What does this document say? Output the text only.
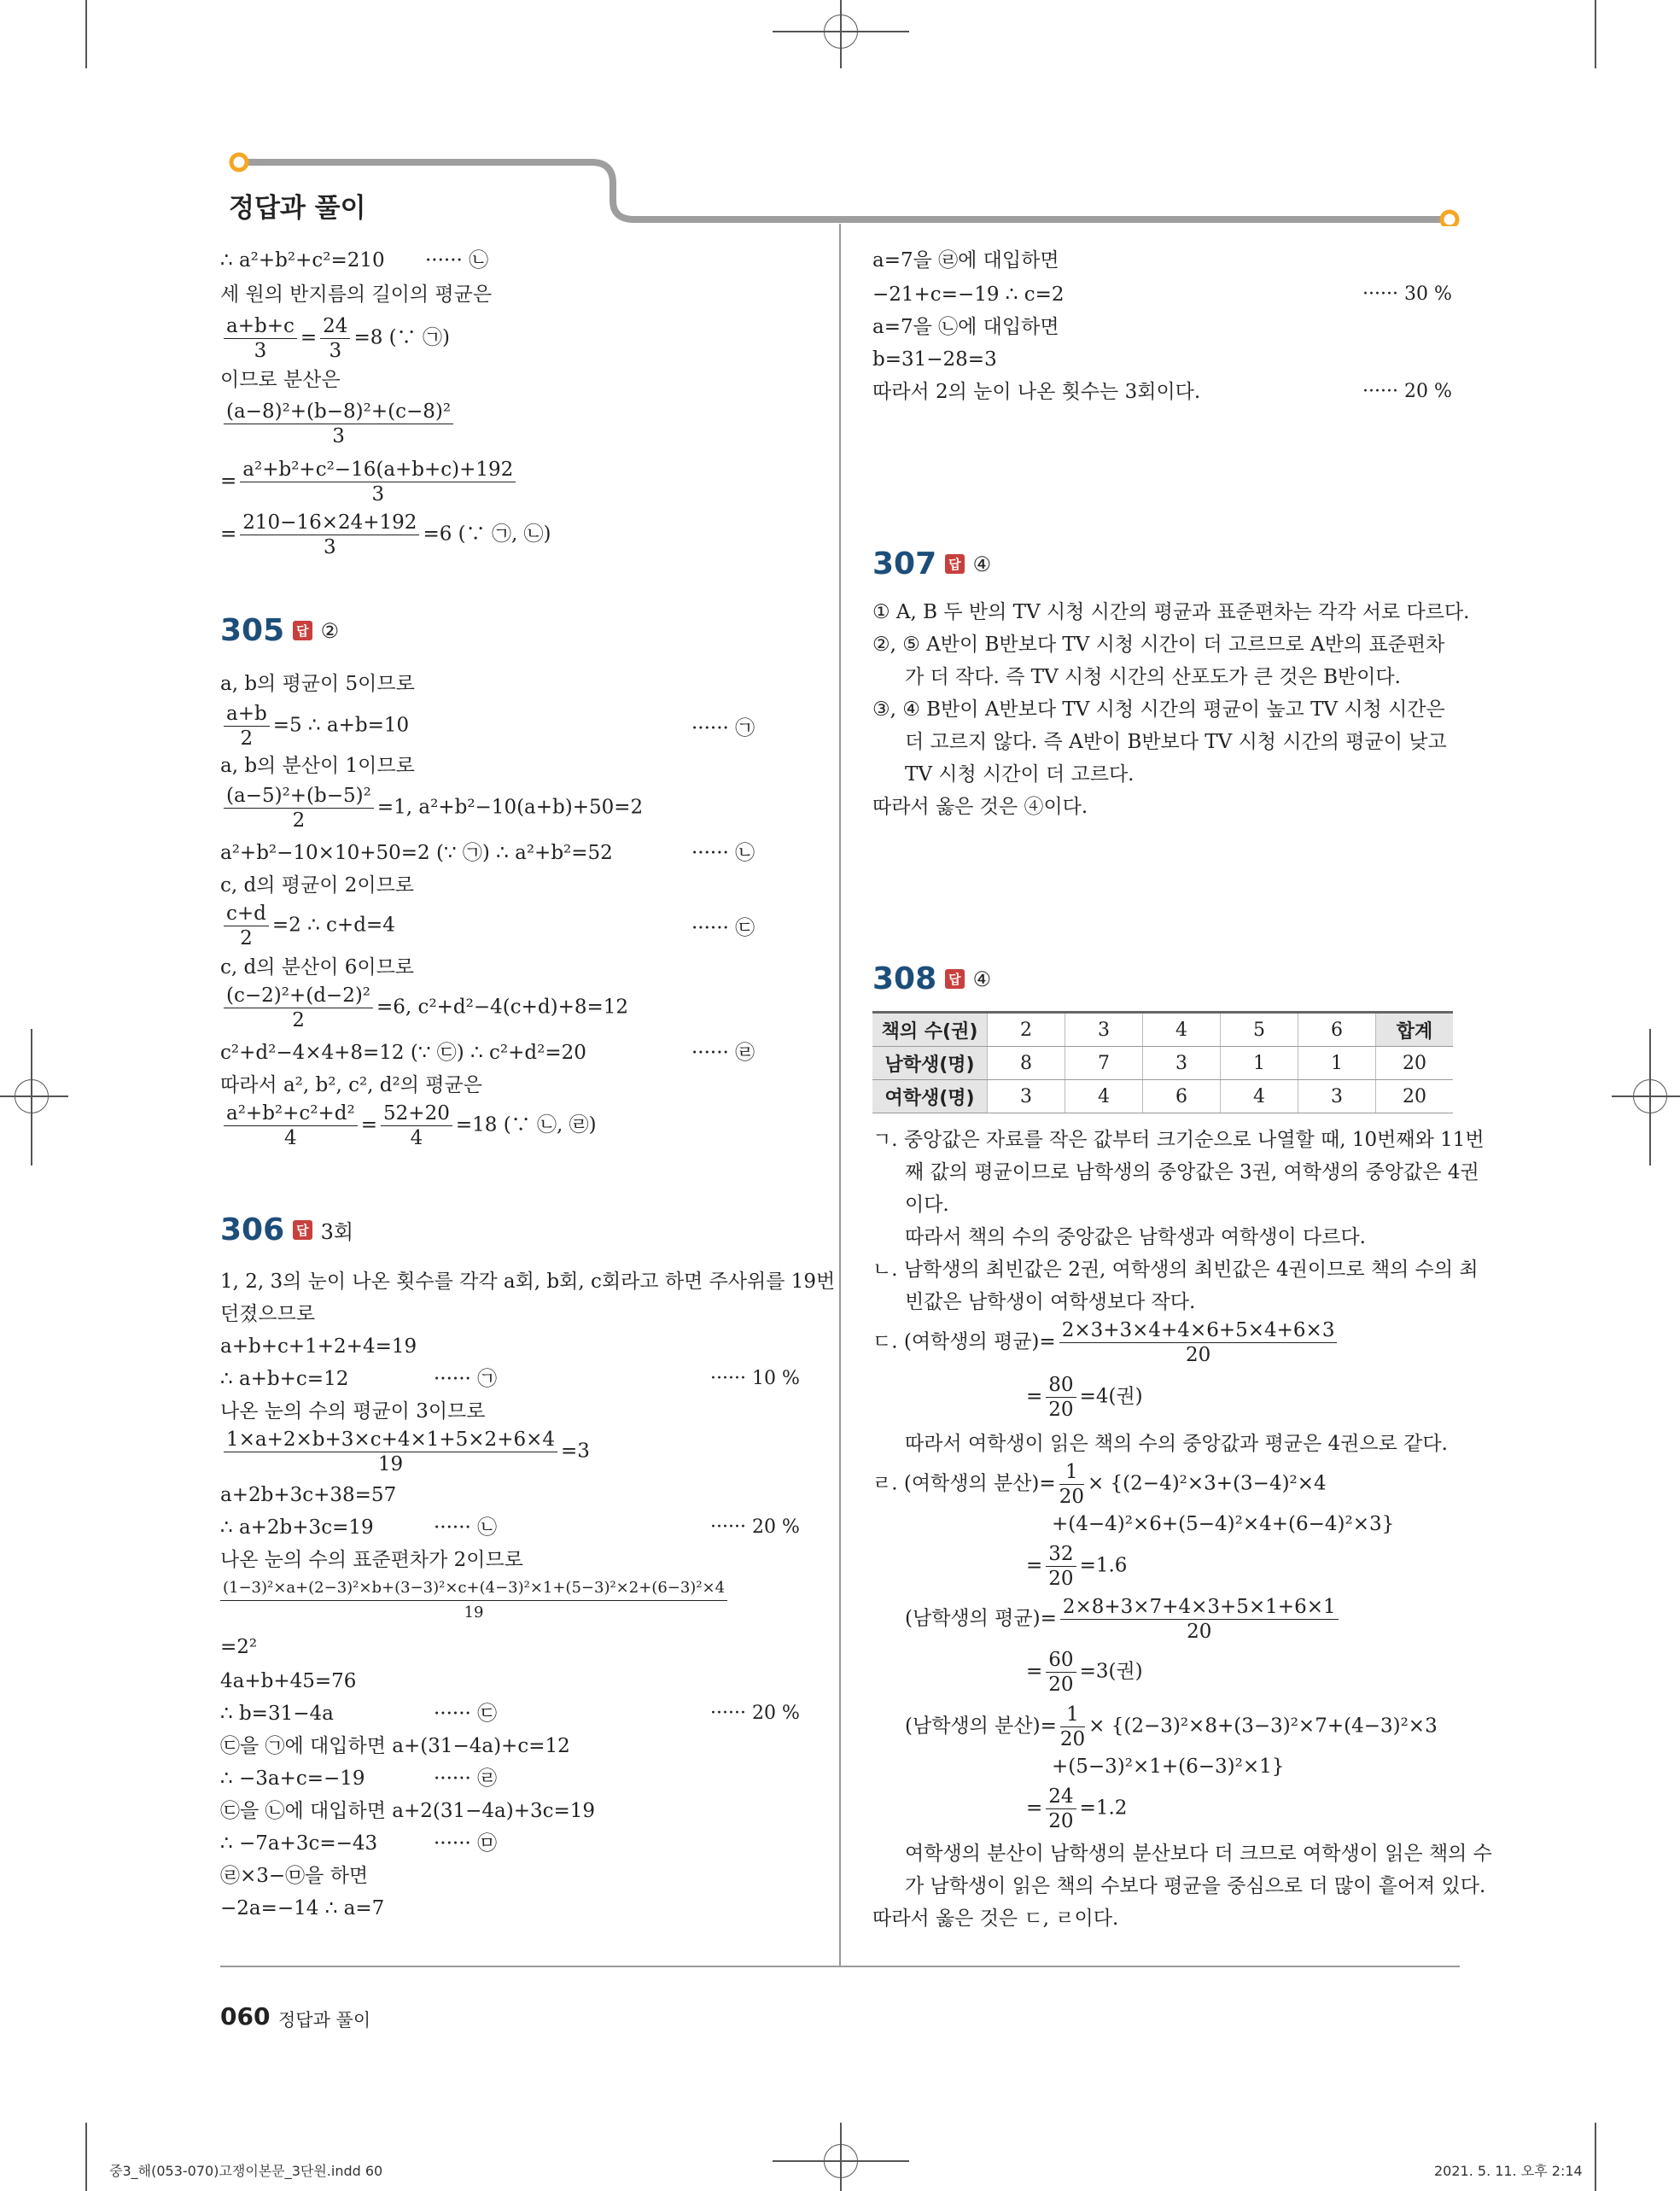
정답과 풀이
∴ a²+b²+c²=210 ······ ㉡
세 원의 반지름의 길이의 평균은
$\frac{a+b+c}{3} = \frac{24}{3} =8$ (∵ ㉠)
이므로 분산은
$\frac{\text{(a−8)²+(b−8)²+(c−8)²}}{3}$
= $\frac{\text{a²+b²+c²−16(a+b+c)+192}}{3}$
= $\frac{210-16\times 24+192}{3} =6$ (∵ ㉠, ㉡)
305 답 ②
a, b의 평균이 5이므로
$\frac{a+b}{2} =5$ ∴ a+b=10	······ ㉠
a, b의 분산이 1이므로
$\frac{\text{(a−5)²+(b−5)²}}{2} =1$, a²+b²−10(a+b)+50=2
a²+b²−10×10+50=2 (∵ ㉠) ∴ a²+b²=52	······ ㉡
c, d의 평균이 2이므로
$\frac{c+d}{2} =2$ ∴ c+d=4	······ ㉢
c, d의 분산이 6이므로
$\frac{\text{(c−2)²+(d−2)²}}{2} =6$, c²+d²−4(c+d)+8=12
c²+d²−4×4+8=12 (∵ ㉢) ∴ c²+d²=20	······ ㉣
따라서 a², b², c², d²의 평균은
$\frac{\text{a²+b²+c²+d²}}{4} = \frac{52+20}{4} =18$ (∵ ㉡, ㉣)
306 답 3회
1, 2, 3의 눈이 나온 횟수를 각각 a회, b회, c회라고 하면 주사위를 19번
던졌으므로
a+b+c+1+2+4=19
∴ a+b+c=12	······ ㉠	······ 10 %
나온 눈의 수의 평균이 3이므로
$\frac{1\times a+2\times b+3\times c+4\times 1+5\times 2+6\times 4}{19} =3$
a+2b+3c+38=57
∴ a+2b+3c=19	······ ㉡	······ 20 %
나온 눈의 수의 표준편차가 2이므로
$\frac{\text{(1−3)²×a+(2−3)²×b+(3−3)²×c+(4−3)²×1+(5−3)²×2+(6−3)²×4}}{19}$
=2²
4a+b+45=76
∴ b=31−4a	······ ㉢	······ 20 %
㉢을 ㉠에 대입하면 a+(31−4a)+c=12
∴ −3a+c=−19	······ ㉣
㉢을 ㉡에 대입하면 a+2(31−4a)+3c=19
∴ −7a+3c=−43	······ ㉤
㉣×3−㉤을 하면
−2a=−14 ∴ a=7
a=7을 ㉣에 대입하면
−21+c=−19 ∴ c=2	······ 30 %
a=7을 ㉡에 대입하면
b=31−28=3
따라서 2의 눈이 나온 횟수는 3회이다.	······ 20 %
307 답 ④
① A, B 두 반의 TV 시청 시간의 평균과 표준편차는 각각 서로 다르다.
②, ⑤ A반이 B반보다 TV 시청 시간이 더 고르므로 A반의 표준편차
가 더 작다. 즉 TV 시청 시간의 산포도가 큰 것은 B반이다.
③, ④ B반이 A반보다 TV 시청 시간의 평균이 높고 TV 시청 시간은
더 고르지 않다. 즉 A반이 B반보다 TV 시청 시간의 평균이 낮고
TV 시청 시간이 더 고르다.
따라서 옳은 것은 ④이다.
308 답 ④
책의 수(권)	2	3	4	5	6	합계
남학생(명)	8	7	3	1	1	20
여학생(명)	3	4	6	4	3	20
ㄱ. 중앙값은 자료를 작은 값부터 크기순으로 나열할 때, 10번째와 11번
째 값의 평균이므로 남학생의 중앙값은 3권, 여학생의 중앙값은 4권
이다.
따라서 책의 수의 중앙값은 남학생과 여학생이 다르다.
ㄴ. 남학생의 최빈값은 2권, 여학생의 최빈값은 4권이므로 책의 수의 최
빈값은 남학생이 여학생보다 작다.
ㄷ. (여학생의 평균)= $\frac{2\times 3+3\times 4+4\times 6+5\times 4+6\times 3}{20}$
= $\frac{80}{20} =4$(권)
따라서 여학생이 읽은 책의 수의 중앙값과 평균은 4권으로 같다.
ㄹ. (여학생의 분산)= $\frac{1}{20} \times \{(2-4)^2\times 3+(3-4)^2\times 4$
+(4−4)²×6+(5−4)²×4+(6−4)²×3}
= $\frac{32}{20} =1.6$
(남학생의 평균)= $\frac{2\times 8+3\times 7+4\times 3+5\times 1+6\times 1}{20}$
= $\frac{60}{20} =3$(권)
(남학생의 분산)= $\frac{1}{20} \times \{(2-3)^2\times 8+(3-3)^2\times 7+(4-3)^2\times 3$
+(5−3)²×1+(6−3)²×1}
= $\frac{24}{20} =1.2$
여학생의 분산이 남학생의 분산보다 더 크므로 여학생이 읽은 책의 수
가 남학생이 읽은 책의 수보다 평균을 중심으로 더 많이 흩어져 있다.
따라서 옳은 것은 ㄷ, ㄹ이다.
060 정답과 풀이
중3_해(053-070)고쟁이본문_3단원.indd 60	2021. 5. 11. 오후 2:14
